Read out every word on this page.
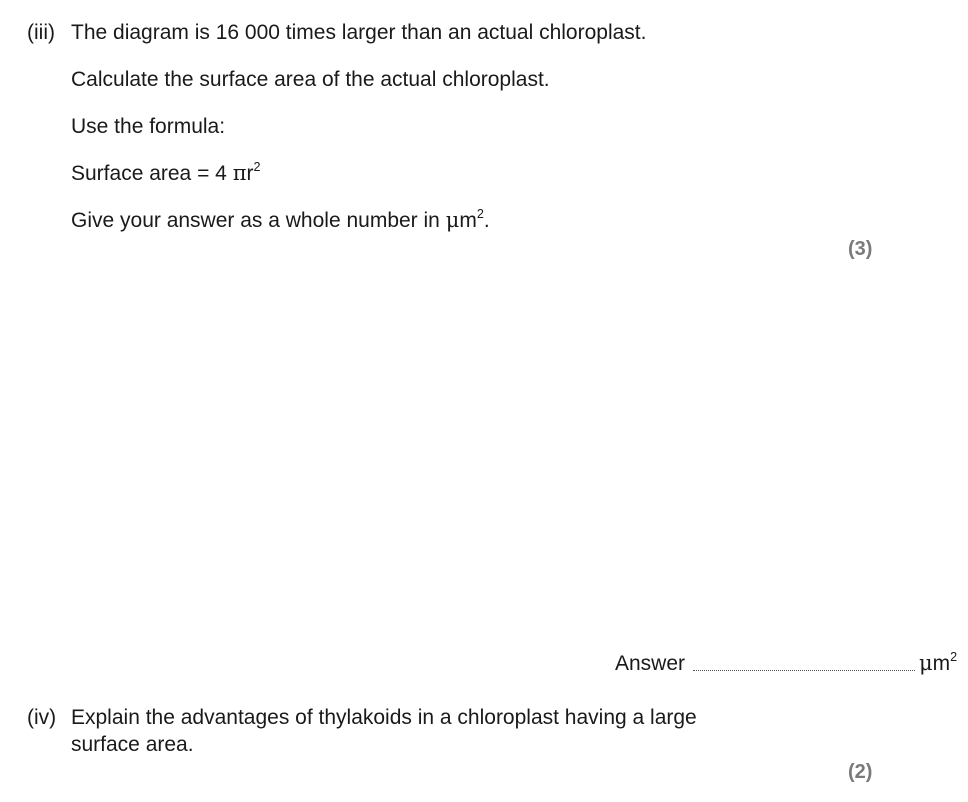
(iii) The diagram is 16 000 times larger than an actual chloroplast.
Calculate the surface area of the actual chloroplast.
Use the formula:
Surface area = 4 $\pi r^2$
Give your answer as a whole number in $\mu m^2$.
(3)
Answer	$\mu m^2$
(iv) Explain the advantages of thylakoids in a chloroplast having a large
surface area.
(2)
